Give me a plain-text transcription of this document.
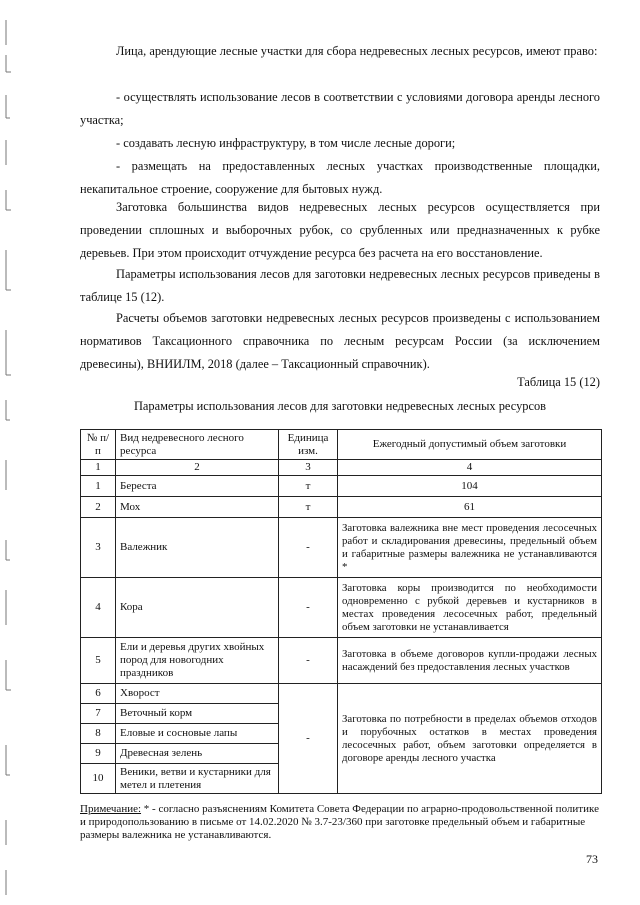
Лица, арендующие лесные участки для сбора недревесных лесных ресурсов, имеют право:

- осуществлять использование лесов в соответствии с условиями договора аренды лесного участка;

- создавать лесную инфраструктуру, в том числе лесные дороги;

- размещать на предоставленных лесных участках производственные площадки, некапитальное строение, сооружение для бытовых нужд.

Заготовка большинства видов недревесных лесных ресурсов осуществляется при проведении сплошных и выборочных рубок, со срубленных или предназначенных к рубке деревьев. При этом происходит отчуждение ресурса без расчета на его восстановление.

Параметры использования лесов для заготовки недревесных лесных ресурсов приведены в таблице 15 (12).

Расчеты объемов заготовки недревесных лесных ресурсов произведены с использованием нормативов Таксационного справочника по лесным ресурсам России (за исключением древесины), ВНИИЛМ, 2018 (далее – Таксационный справочник).

Таблица 15 (12)

Параметры использования лесов для заготовки недревесных лесных ресурсов

№ п/п	Вид недревесного лесного ресурса	Единица изм.	Ежегодный допустимый объем заготовки
1	2	3	4
1	Береста	т	104
2	Мох	т	61
3	Валежник	-	Заготовка валежника вне мест проведения лесосечных работ и складирования древесины, предельный объем и габаритные размеры валежника не устанавливаются *
4	Кора	-	Заготовка коры производится по необходимости одновременно с рубкой деревьев и кустарников в местах проведения лесосечных работ, предельный объем заготовки не устанавливается
5	Ели и деревья других хвойных пород для новогодних праздников	-	Заготовка в объеме договоров купли-продажи лесных насаждений без предоставления лесных участков
6	Хворост	-	Заготовка по потребности в пределах объемов отходов и порубочных остатков в местах проведения лесосечных работ, объем заготовки определяется в договоре аренды лесного участка
7	Веточный корм		
8	Еловые и сосновые лапы		
9	Древесная зелень		
10	Веники, ветви и кустарники для метел и плетения		

Примечание: * - согласно разъяснениям Комитета Совета Федерации по аграрно-продовольственной политике и природопользованию в письме от 14.02.2020 № 3.7-23/360 при заготовке предельный объем и габаритные размеры валежника не устанавливаются.

73
